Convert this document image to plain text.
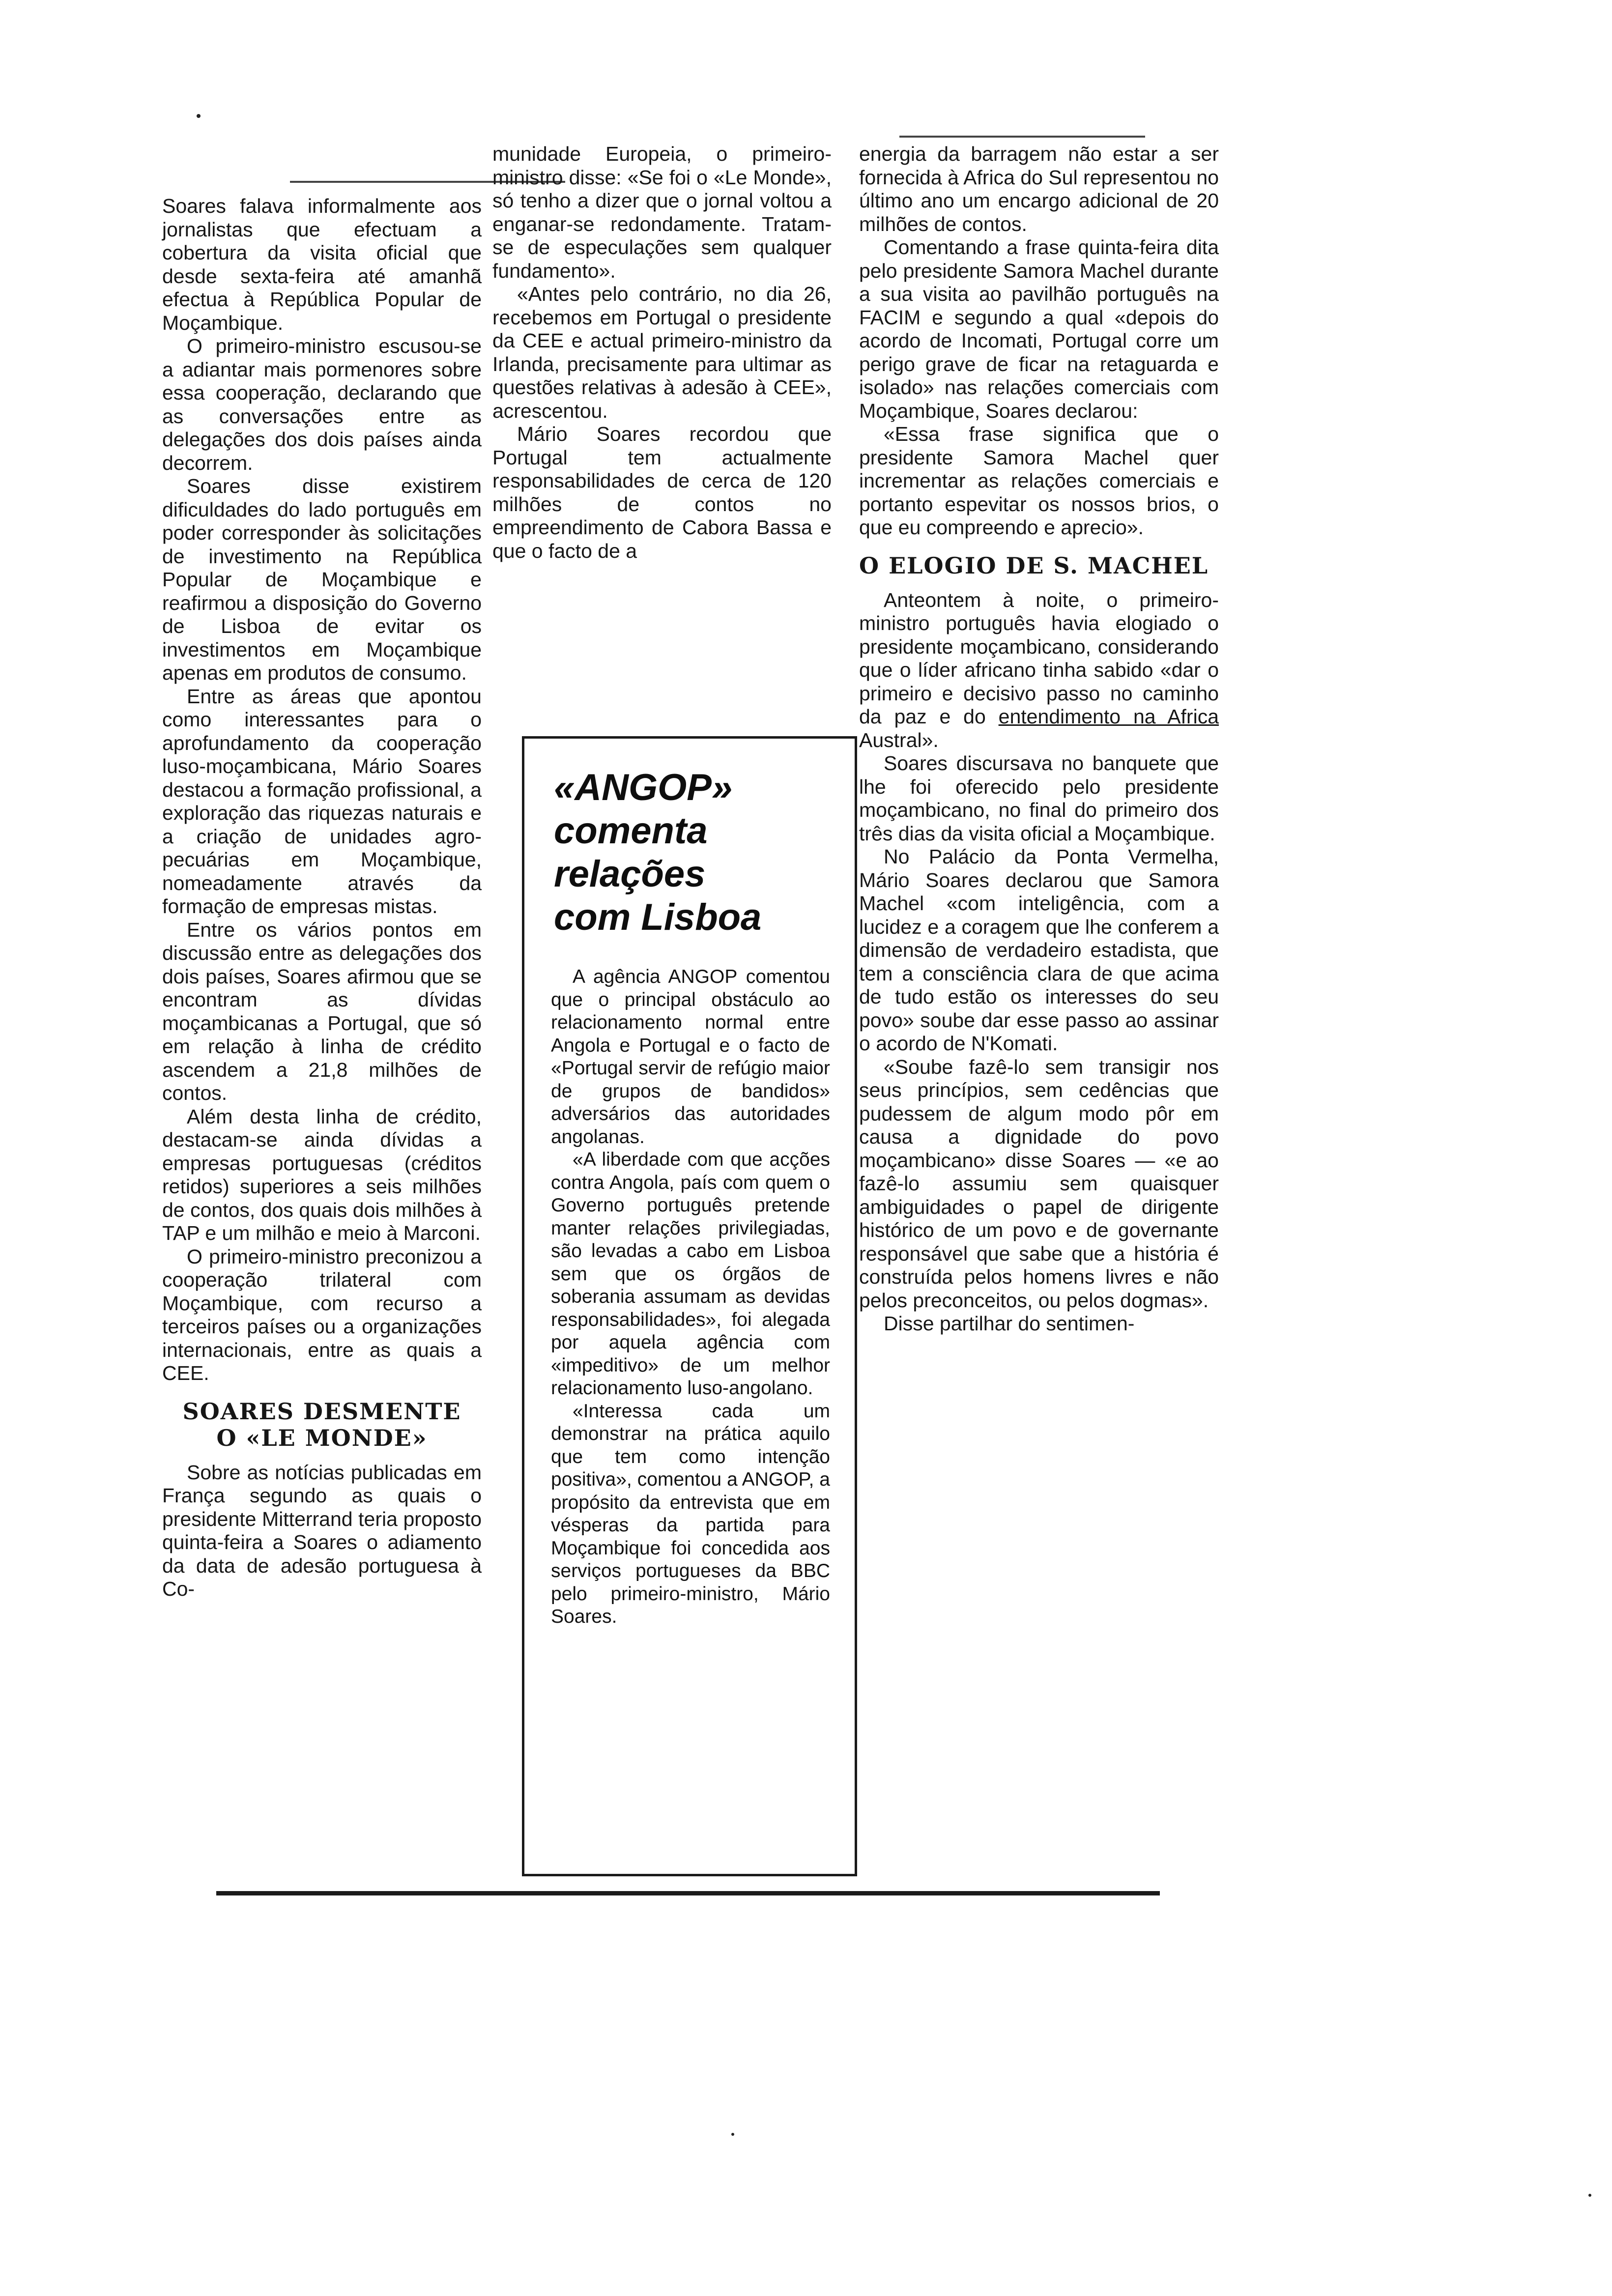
Soares falava informalmente aos jornalistas que efectuam a cobertura da visita oficial que desde sexta-feira até amanhã efectua à República Popular de Moçambique.

O primeiro-ministro escusou-se a adiantar mais pormenores sobre essa cooperação, declarando que as conversações entre as delegações dos dois países ainda decorrem.

Soares disse existirem dificuldades do lado português em poder corresponder às solicitações de investimento na República Popular de Moçambique e reafirmou a disposição do Governo de Lisboa de evitar os investimentos em Moçambique apenas em produtos de consumo.

Entre as áreas que apontou como interessantes para o aprofundamento da cooperação luso-moçambicana, Mário Soares destacou a formação profissional, a exploração das riquezas naturais e a criação de unidades agro-pecuárias em Moçambique, nomeadamente através da formação de empresas mistas.

Entre os vários pontos em discussão entre as delegações dos dois países, Soares afirmou que se encontram as dívidas moçambicanas a Portugal, que só em relação à linha de crédito ascendem a 21,8 milhões de contos.

Além desta linha de crédito, destacam-se ainda dívidas a empresas portuguesas (créditos retidos) superiores a seis milhões de contos, dos quais dois milhões à TAP e um milhão e meio à Marconi.

O primeiro-ministro preconizou a cooperação trilateral com Moçambique, com recurso a terceiros países ou a organizações internacionais, entre as quais a CEE.

SOARES DESMENTE
O «LE MONDE»

Sobre as notícias publicadas em França segundo as quais o presidente Mitterrand teria proposto quinta-feira a Soares o adiamento da data de adesão portuguesa à Co-

munidade Europeia, o primeiro-ministro disse: «Se foi o «Le Monde», só tenho a dizer que o jornal voltou a enganar-se redondamente. Tratam-se de especulações sem qualquer fundamento».

«Antes pelo contrário, no dia 26, recebemos em Portugal o presidente da CEE e actual primeiro-ministro da Irlanda, precisamente para ultimar as questões relativas à adesão à CEE», acrescentou.

Mário Soares recordou que Portugal tem actualmente responsabilidades de cerca de 120 milhões de contos no empreendimento de Cabora Bassa e que o facto de a

«ANGOP»
comenta
relações
com Lisboa

A agência ANGOP comentou que o principal obstáculo ao relacionamento normal entre Angola e Portugal e o facto de «Portugal servir de refúgio maior de grupos de bandidos» adversários das autoridades angolanas.

«A liberdade com que acções contra Angola, país com quem o Governo português pretende manter relações privilegiadas, são levadas a cabo em Lisboa sem que os órgãos de soberania assumam as devidas responsabilidades», foi alegada por aquela agência com «impeditivo» de um melhor relacionamento luso-angolano.

«Interessa cada um demonstrar na prática aquilo que tem como intenção positiva», comentou a ANGOP, a propósito da entrevista que em vésperas da partida para Moçambique foi concedida aos serviços portugueses da BBC pelo primeiro-ministro, Mário Soares.

energia da barragem não estar a ser fornecida à Africa do Sul representou no último ano um encargo adicional de 20 milhões de contos.

Comentando a frase quinta-feira dita pelo presidente Samora Machel durante a sua visita ao pavilhão português na FACIM e segundo a qual «depois do acordo de Incomati, Portugal corre um perigo grave de ficar na retaguarda e isolado» nas relações comerciais com Moçambique, Soares declarou:

«Essa frase significa que o presidente Samora Machel quer incrementar as relações comerciais e portanto espevitar os nossos brios, o que eu compreendo e aprecio».

O ELOGIO DE S. MACHEL

Anteontem à noite, o primeiro-ministro português havia elogiado o presidente moçambicano, considerando que o líder africano tinha sabido «dar o primeiro e decisivo passo no caminho da paz e do entendimento na Africa Austral».

Soares discursava no banquete que lhe foi oferecido pelo presidente moçambicano, no final do primeiro dos três dias da visita oficial a Moçambique.

No Palácio da Ponta Vermelha, Mário Soares declarou que Samora Machel «com inteligência, com a lucidez e a coragem que lhe conferem a dimensão de verdadeiro estadista, que tem a consciência clara de que acima de tudo estão os interesses do seu povo» soube dar esse passo ao assinar o acordo de N'Komati.

«Soube fazê-lo sem transigir nos seus princípios, sem cedências que pudessem de algum modo pôr em causa a dignidade do povo moçambicano» disse Soares — «e ao fazê-lo assumiu sem quaisquer ambiguidades o papel de dirigente histórico de um povo e de governante responsável que sabe que a história é construída pelos homens livres e não pelos preconceitos, ou pelos dogmas».

Disse partilhar do sentimen-
